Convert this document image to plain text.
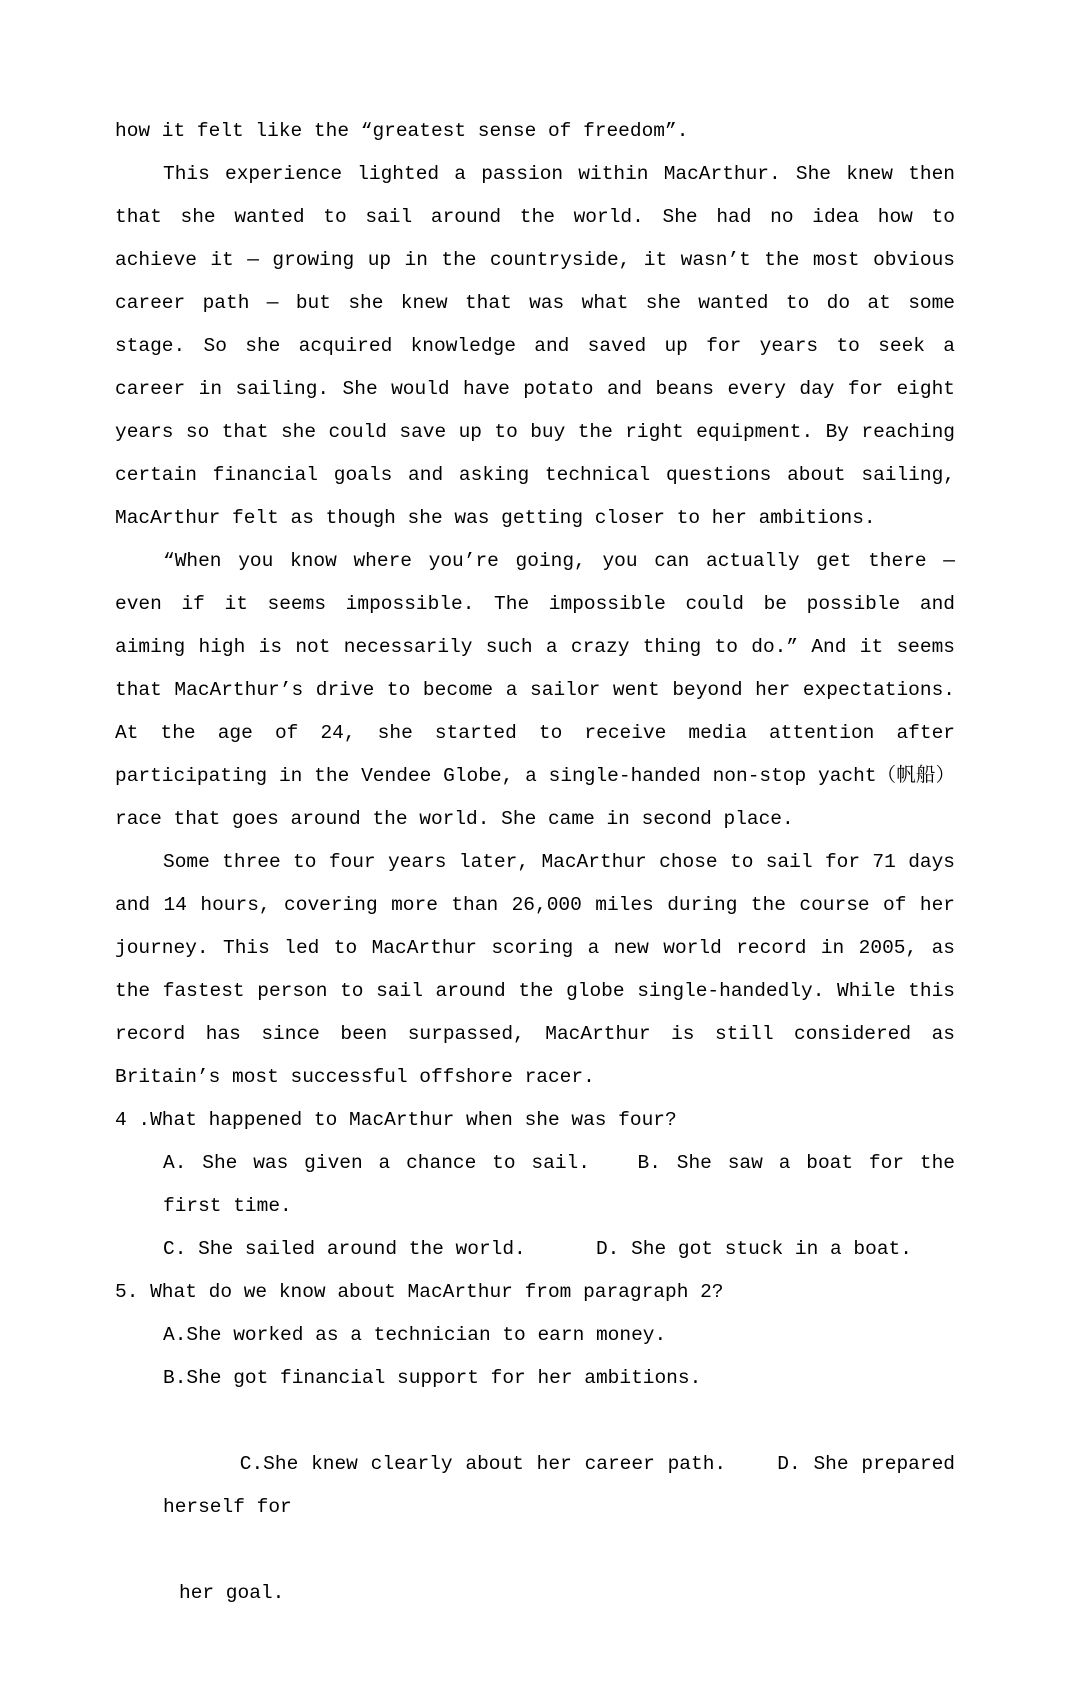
how it felt like the “greatest sense of freedom”.

This experience lighted a passion within MacArthur. She knew then that she wanted to sail around the world. She had no idea how to achieve it — growing up in the countryside, it wasn’t the most obvious career path — but she knew that was what she wanted to do at some stage. So she acquired knowledge and saved up for years to seek a career in sailing. She would have potato and beans every day for eight years so that she could save up to buy the right equipment. By reaching certain financial goals and asking technical questions about sailing, MacArthur felt as though she was getting closer to her ambitions.

“When you know where you’re going, you can actually get there — even if it seems impossible. The impossible could be possible and aiming high is not necessarily such a crazy thing to do.” And it seems that MacArthur’s drive to become a sailor went beyond her expectations. At the age of 24, she started to receive media attention after participating in the Vendee Globe, a single-handed non-stop yacht（帆船）race that goes around the world. She came in second place.

Some three to four years later, MacArthur chose to sail for 71 days and 14 hours, covering more than 26,000 miles during the course of her journey. This led to MacArthur scoring a new world record in 2005, as the fastest person to sail around the globe single-handedly. While this record has since been surpassed, MacArthur is still considered as Britain’s most successful offshore racer.

4 .What happened to MacArthur when she was four?

A. She was given a chance to sail.   B. She saw a boat for the first time.

C. She sailed around the world.      D. She got stuck in a boat.

5. What do we know about MacArthur from paragraph 2?

A.She worked as a technician to earn money.

B.She got financial support for her ambitions.

C.She knew clearly about her career path.    D. She prepared herself for

her goal.
